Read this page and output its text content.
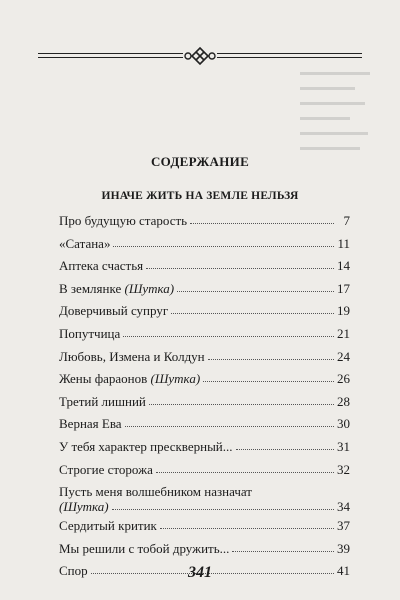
СОДЕРЖАНИЕ
ИНАЧЕ ЖИТЬ НА ЗЕМЛЕ НЕЛЬЗЯ
Про будущую старость	7
«Сатана»	11
Аптека счастья	14
В землянке (Шутка)	17
Доверчивый супруг	19
Попутчица	21
Любовь, Измена и Колдун	24
Жены фараонов (Шутка)	26
Третий лишний	28
Верная Ева	30
У тебя характер прескверный...	31
Строгие сторожа	32
Пусть меня волшебником назначат
(Шутка)	34
Сердитый критик	37
Мы решили с тобой дружить...	39
Спор	41
341
